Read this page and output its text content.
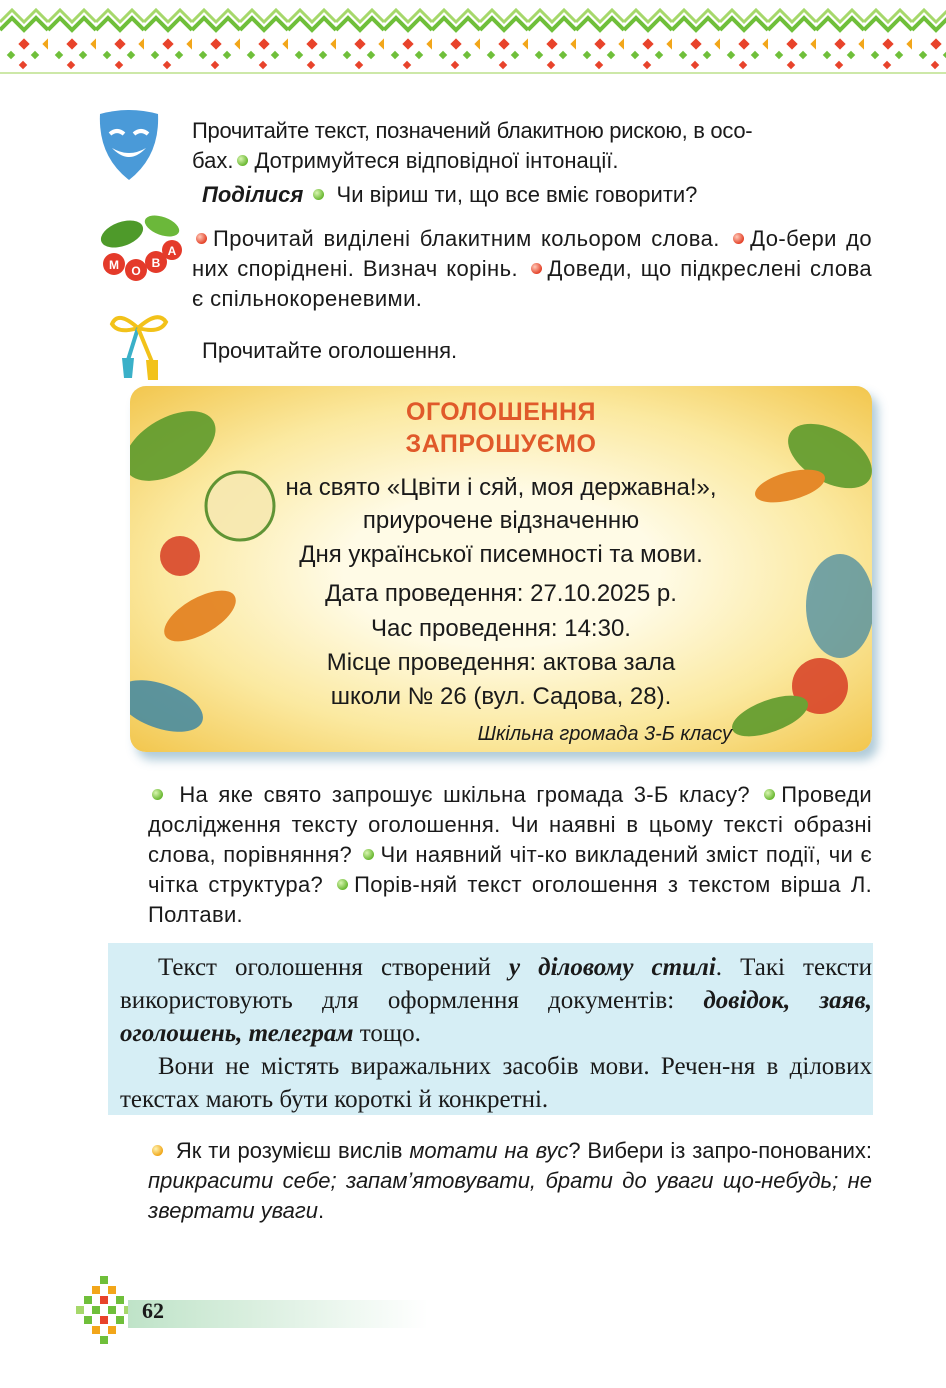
Прочитайте текст, позначений блакитною рискою, в осо-
бах. Дотримуйтеся відповідної інтонації.
Поділися Чи віриш ти, що все вміє говорити?
М О
В
А	Прочитай виділені блакитним кольором слова. До-бери до них споріднені. Визнач корінь. Доведи, що підкреслені слова є спільнокореневими.
Прочитайте оголошення.
ОГОЛОШЕННЯ
ЗАПРОШУЄМО
на свято «Цвіти і сяй, моя державна!»,
приурочене відзначенню
Дня української писемності та мови.
Дата проведення: 27.10.2025 р.
Час проведення: 14:30.
Місце проведення: актова зала
школи № 26 (вул. Садова, 28).
Шкільна громада 3-Б класу
На яке свято запрошує шкільна громада 3-Б класу? Проведи дослідження тексту оголошення. Чи наявні в цьому тексті образні слова, порівняння? Чи наявний чіт-ко викладений зміст події, чи є чітка структура? Порів-няй текст оголошення з текстом вірша Л. Полтави.
Текст оголошення створений у діловому стилі. Такі тексти використовують для оформлення документів: довідок, заяв, оголошень, телеграм тощо.
Вони не містять виражальних засобів мови. Речен-ня в ділових текстах мають бути короткі й конкретні.
Як ти розумієш вислів мотати на вус? Вибери із запро-понованих: прикрасити себе; запам’ятовувати, брати до уваги що-небудь; не звертати уваги.
62
